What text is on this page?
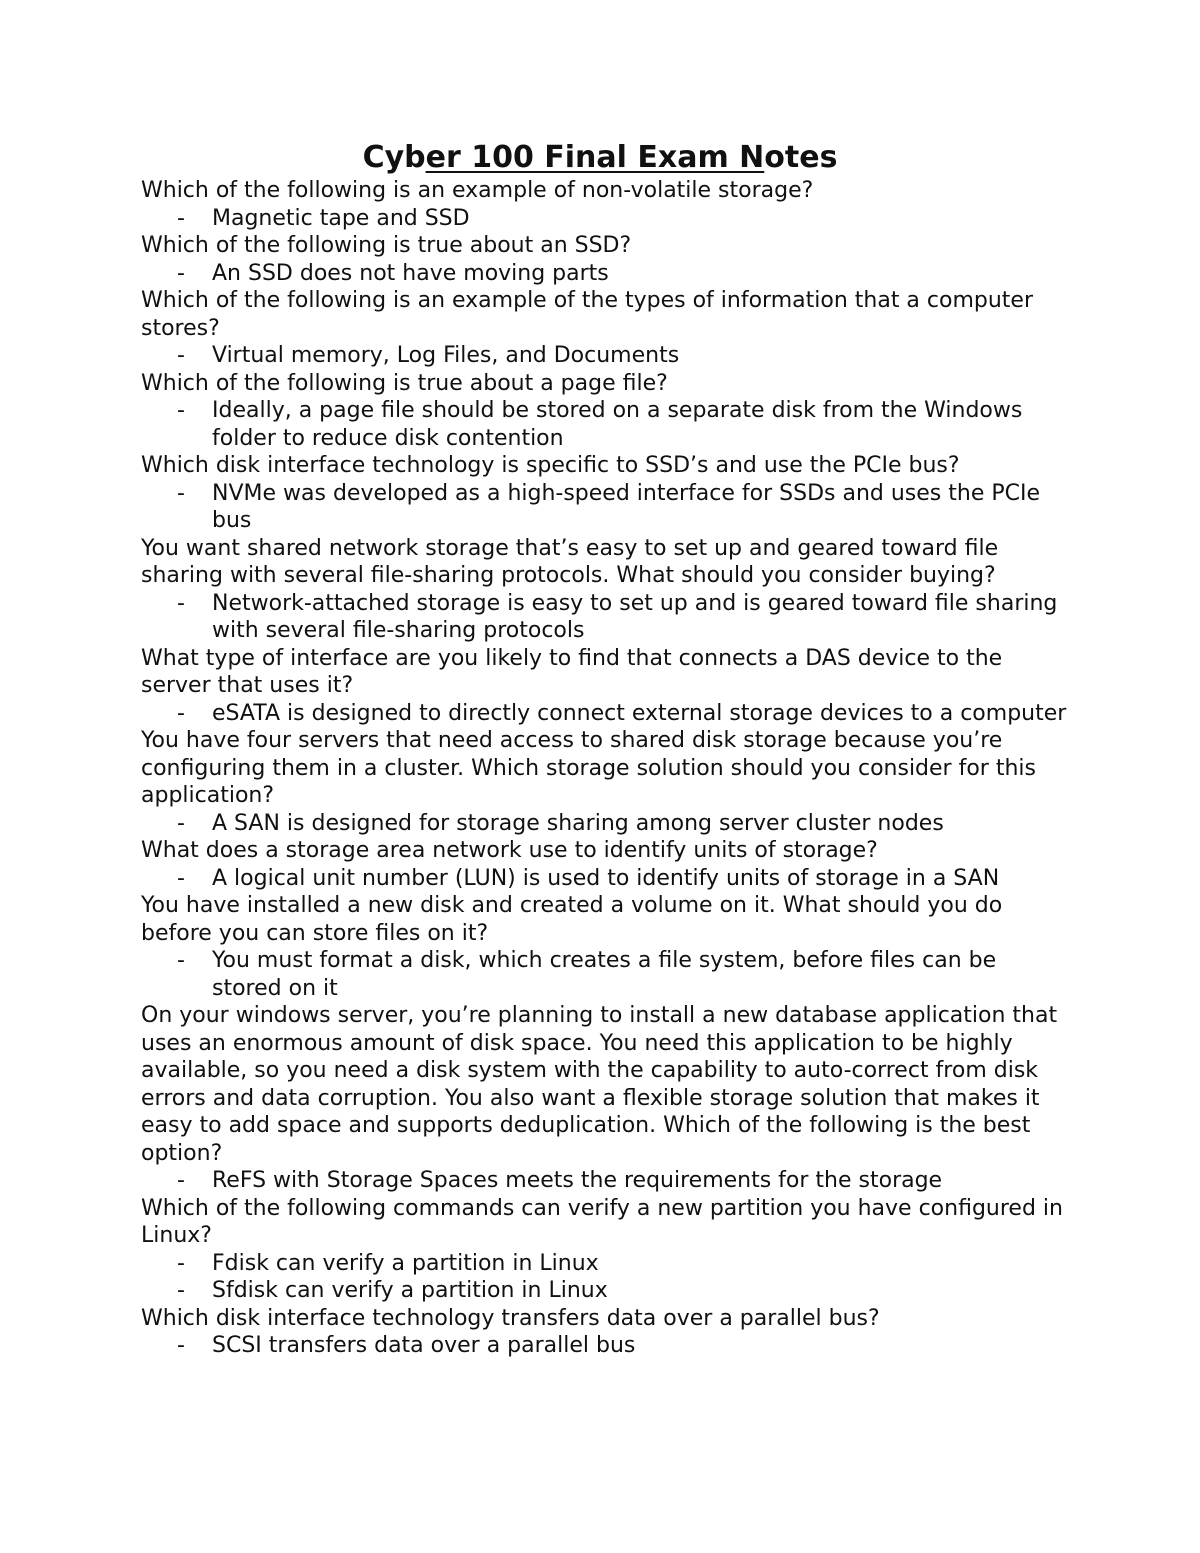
Cyber 100 Final Exam Notes

Which of the following is an example of non-volatile storage?

- Magnetic tape and SSD

Which of the following is true about an SSD?

- An SSD does not have moving parts

Which of the following is an example of the types of information that a computer stores?

- Virtual memory, Log Files, and Documents

Which of the following is true about a page file?

- Ideally, a page file should be stored on a separate disk from the Windows folder to reduce disk contention

Which disk interface technology is specific to SSD’s and use the PCIe bus?

- NVMe was developed as a high-speed interface for SSDs and uses the PCIe bus

You want shared network storage that’s easy to set up and geared toward file sharing with several file-sharing protocols. What should you consider buying?

- Network-attached storage is easy to set up and is geared toward file sharing with several file-sharing protocols

What type of interface are you likely to find that connects a DAS device to the server that uses it?

- eSATA is designed to directly connect external storage devices to a computer

You have four servers that need access to shared disk storage because you’re configuring them in a cluster. Which storage solution should you consider for this application?

- A SAN is designed for storage sharing among server cluster nodes

What does a storage area network use to identify units of storage?

- A logical unit number (LUN) is used to identify units of storage in a SAN

You have installed a new disk and created a volume on it. What should you do before you can store files on it?

- You must format a disk, which creates a file system, before files can be stored on it

On your windows server, you’re planning to install a new database application that uses an enormous amount of disk space. You need this application to be highly available, so you need a disk system with the capability to auto-correct from disk errors and data corruption. You also want a flexible storage solution that makes it easy to add space and supports deduplication. Which of the following is the best option?

- ReFS with Storage Spaces meets the requirements for the storage

Which of the following commands can verify a new partition you have configured in Linux?

- Fdisk can verify a partition in Linux

- Sfdisk can verify a partition in Linux

Which disk interface technology transfers data over a parallel bus?

- SCSI transfers data over a parallel bus
